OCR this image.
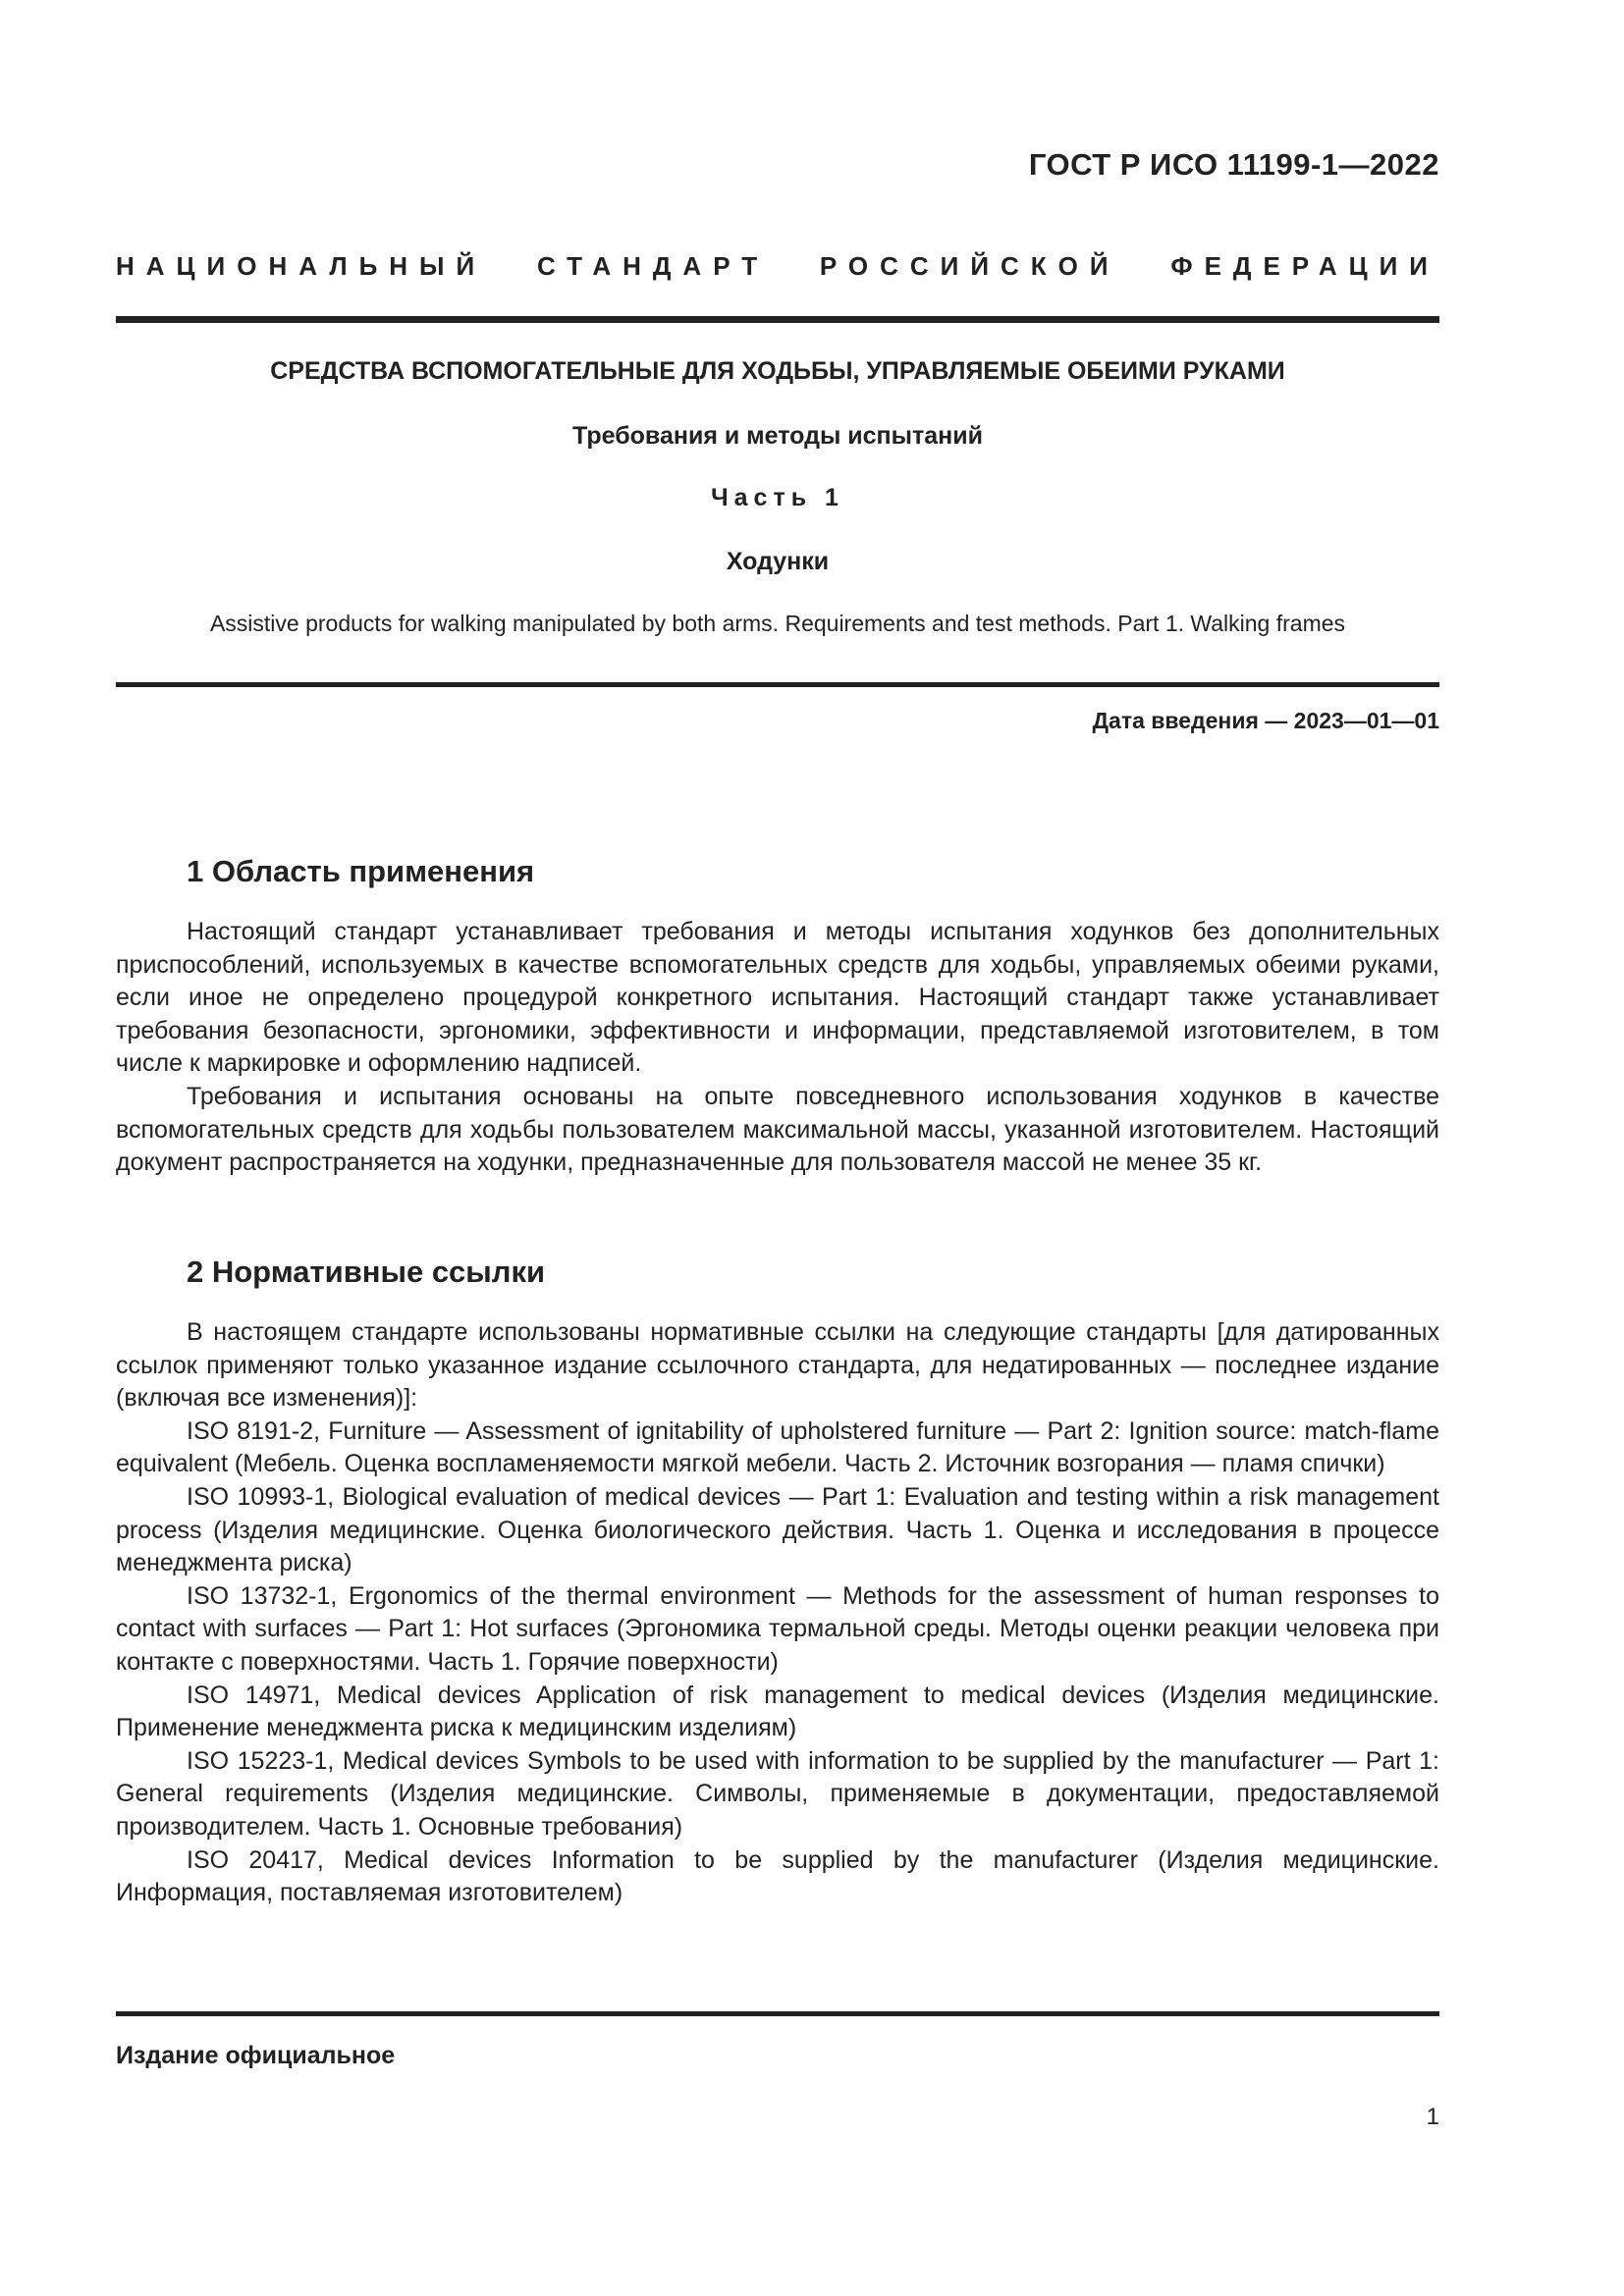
ГОСТ Р ИСО 11199-1—2022
НАЦИОНАЛЬНЫЙ СТАНДАРТ РОССИЙСКОЙ ФЕДЕРАЦИИ
СРЕДСТВА ВСПОМОГАТЕЛЬНЫЕ ДЛЯ ХОДЬБЫ, УПРАВЛЯЕМЫЕ ОБЕИМИ РУКАМИ
Требования и методы испытаний
Часть 1
Ходунки
Assistive products for walking manipulated by both arms. Requirements and test methods. Part 1. Walking frames
Дата введения — 2023—01—01
1 Область применения

Настоящий стандарт устанавливает требования и методы испытания ходунков без дополнительных приспособлений, используемых в качестве вспомогательных средств для ходьбы, управляемых обеими руками, если иное не определено процедурой конкретного испытания. Настоящий стандарт также устанавливает требования безопасности, эргономики, эффективности и информации, представляемой изготовителем, в том числе к маркировке и оформлению надписей.

Требования и испытания основаны на опыте повседневного использования ходунков в качестве вспомогательных средств для ходьбы пользователем максимальной массы, указанной изготовителем. Настоящий документ распространяется на ходунки, предназначенные для пользователя массой не менее 35 кг.

2 Нормативные ссылки

В настоящем стандарте использованы нормативные ссылки на следующие стандарты [для датированных ссылок применяют только указанное издание ссылочного стандарта, для недатированных — последнее издание (включая все изменения)]:

ISO 8191-2, Furniture — Assessment of ignitability of upholstered furniture — Part 2: Ignition source: match-flame equivalent (Мебель. Оценка воспламеняемости мягкой мебели. Часть 2. Источник возгорания — пламя спички)

ISO 10993-1, Biological evaluation of medical devices — Part 1: Evaluation and testing within a risk management process (Изделия медицинские. Оценка биологического действия. Часть 1. Оценка и исследования в процессе менеджмента риска)

ISO 13732-1, Ergonomics of the thermal environment — Methods for the assessment of human responses to contact with surfaces — Part 1: Hot surfaces (Эргономика термальной среды. Методы оценки реакции человека при контакте с поверхностями. Часть 1. Горячие поверхности)

ISO 14971, Medical devices Application of risk management to medical devices (Изделия медицинские. Применение менеджмента риска к медицинским изделиям)

ISO 15223-1, Medical devices Symbols to be used with information to be supplied by the manufacturer — Part 1: General requirements (Изделия медицинские. Символы, применяемые в документации, предоставляемой производителем. Часть 1. Основные требования)

ISO 20417, Medical devices Information to be supplied by the manufacturer (Изделия медицинские. Информация, поставляемая изготовителем)

Издание официальное
1
